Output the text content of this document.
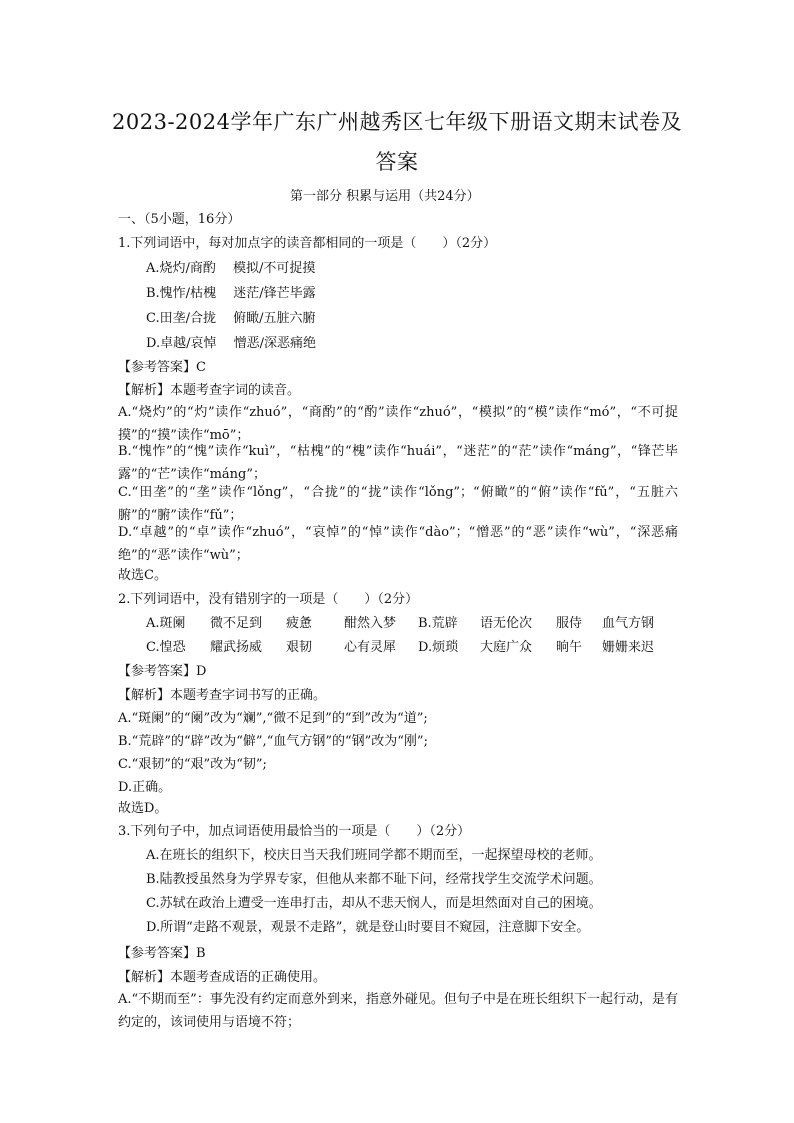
2023-2024学年广东广州越秀区七年级下册语文期末试卷及
答案
第一部分 积累与运用（共24分）
一、（5小题，16分）
1.下列词语中，每对加点字的读音都相同的一项是（　　）（2分）
A.烧灼/商酌　 模拟/不可捉摸
B.愧怍/枯槐　 迷茫/锋芒毕露
C.田垄/合拢　 俯瞰/五脏六腑
D.卓越/哀悼　 憎恶/深恶痛绝
【参考答案】C
【解析】本题考查字词的读音。
A.“烧灼”的“灼”读作“zhuó”，“商酌”的“酌”读作“zhuó”，“模拟”的“模”读作“mó”，“不可捉摸”的“摸”读作“mō”；
B.“愧怍”的“愧”读作“kuì”，“枯槐”的“槐”读作“huái”，“迷茫”的“茫”读作“máng”，“锋芒毕露”的“芒”读作“máng”；
C.“田垄”的“垄”读作“lǒng”，“合拢”的“拢”读作“lǒng”；“俯瞰”的“俯”读作“fǔ”，“五脏六腑”的“腑”读作“fǔ”；
D.“卓越”的“卓”读作“zhuó”，“哀悼”的“悼”读作“dào”；“憎恶”的“恶”读作“wù”，“深恶痛绝”的“恶”读作“wù”；
故选C。
2.下列词语中，没有错别字的一项是（　　）（2分）
A.斑阑	微不足到	疲惫	酣然入梦	B.荒辟	语无伦次	服侍	血气方钢
C.惶恐	耀武扬威	艰韧	心有灵犀	D.烦琐	大庭广众	晌午	姗姗来迟
【参考答案】D
【解析】本题考查字词书写的正确。
A.“斑阑”的“阑”改为“斓”,“微不足到”的“到”改为“道”;
B.“荒辟”的“辟”改为“僻”,“血气方钢”的“钢”改为“刚”;
C.“艰韧”的“艰”改为“韧”;
D.正确。
故选D。
3.下列句子中，加点词语使用最恰当的一项是（　　）（2分）
A.在班长的组织下，校庆日当天我们班同学都不期而至，一起探望母校的老师。
B.陆教授虽然身为学界专家，但他从来都不耻下问，经常找学生交流学术问题。
C.苏轼在政治上遭受一连串打击，却从不悲天悯人，而是坦然面对自己的困境。
D.所谓“走路不观景，观景不走路”，就是登山时要目不窥园，注意脚下安全。
【参考答案】B
【解析】本题考查成语的正确使用。
A.“不期而至”：事先没有约定而意外到来，指意外碰见。但句子中是在班长组织下一起行动，是有约定的，该词使用与语境不符；
